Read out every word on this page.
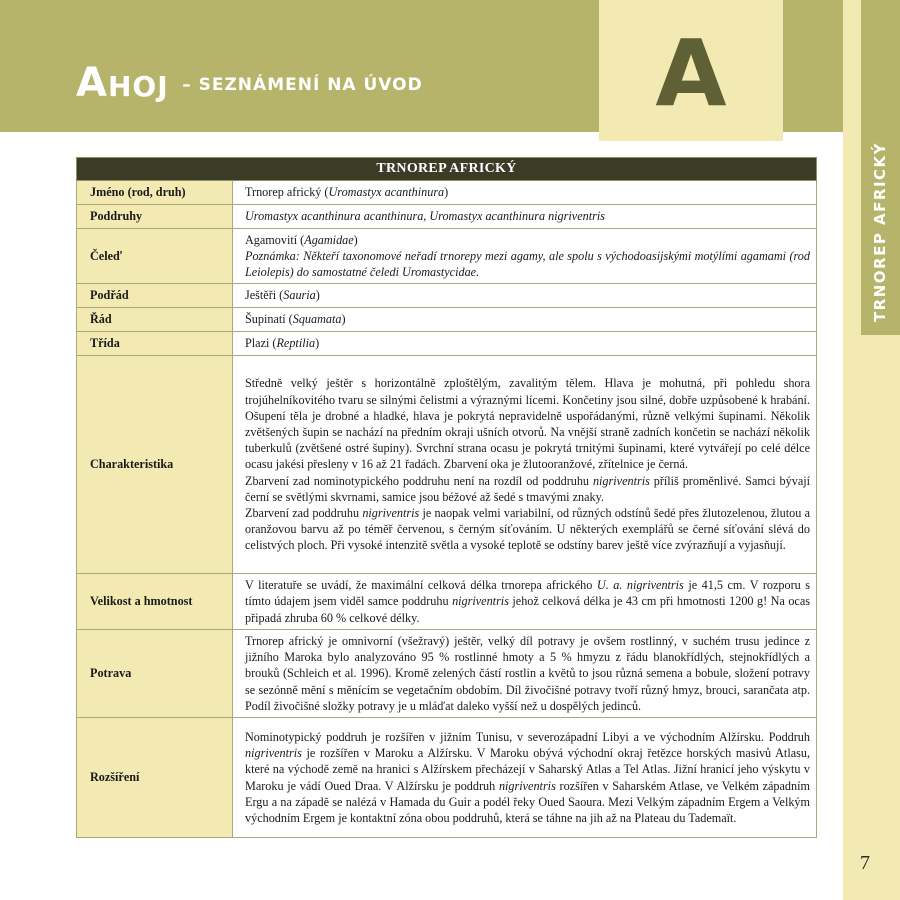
Ahoj – SEZNÁMENÍ NA ÚVOD	A
TRNOREP AFRICKÝ
7
TRNOREP AFRICKÝ	
Jméno (rod, druh)	Trnorep africký (Uromastyx acanthinura)
Poddruhy	Uromastyx acanthinura acanthinura, Uromastyx acanthinura nigriventris
Čeleď	Agamovití (Agamidae)

Poznámka: Někteří taxonomové neřadí trnorepy mezi agamy, ale spolu s východoasijskými motýlími agamami (rod Leiolepis) do samostatné čeledi Uromastycidae.

Podřád	Ještěři (Sauria)
Řád	Šupinatí (Squamata)
Třída	Plazi (Reptilia)
Charakteristika	Středně velký ještěr s horizontálně zploštělým, zavalitým tělem. Hlava je mohutná, při pohledu shora trojúhelníkovitého tvaru se silnými čelistmi a výraznými lícemi. Končetiny jsou silné, dobře uzpůsobené k hrabání. Ošupení těla je drobné a hladké, hlava je pokrytá nepravidelně uspořádanými, různě velkými šupinami. Několik zvětšených šupin se nachází na předním okraji ušních otvorů. Na vnější straně zadních končetin se nachází několik tuberkulů (zvětšené ostré šupiny). Svrchní strana ocasu je pokrytá trnitými šupinami, které vytvářejí po celé délce ocasu jakési přesleny v 16 až 21 řadách. Zbarvení oka je žlutooranžové, zřítelnice je černá.

Zbarvení zad nominotypického poddruhu není na rozdíl od poddruhu nigriventris příliš proměnlivé. Samci bývají černí se světlými skvrnami, samice jsou béžové až šedé s tmavými znaky.

Zbarvení zad poddruhu nigriventris je naopak velmi variabilní, od různých odstínů šedé přes žlutozelenou, žlutou a oranžovou barvu až po téměř červenou, s černým síťováním. U některých exemplářů se černé síťování slévá do celistvých ploch. Při vysoké intenzitě světla a vysoké teplotě se odstíny barev ještě více zvýrazňují a vyjasňují.

Velikost a hmotnost	V literatuře se uvádí, že maximální celková délka trnorepa afrického U. a. nigriventris je 41,5 cm. V rozporu s tímto údajem jsem viděl samce poddruhu nigriventris jehož celková délka je 43 cm při hmotnosti 1200 g! Na ocas připadá zhruba 60 % celkové délky.
Potrava	Trnorep africký je omnivorní (všežravý) ještěr, velký díl potravy je ovšem rostlinný, v suchém trusu jedince z jižního Maroka bylo analyzováno 95 % rostlinné hmoty a 5 % hmyzu z řádu blanokřídlých, stejnokřídlých a brouků (Schleich et al. 1996). Kromě zelených částí rostlin a květů to jsou různá semena a bobule, složení potravy se sezónně mění s měnícím se vegetačním obdobím. Díl živočišné potravy tvoří různý hmyz, brouci, sarančata atp. Podíl živočišné složky potravy je u mláďat daleko vyšší než u dospělých jedinců.
Rozšíření	Nominotypický poddruh je rozšířen v jižním Tunisu, v severozápadní Libyi a ve východním Alžírsku. Poddruh nigriventris je rozšířen v Maroku a Alžírsku. V Maroku obývá východní okraj řetězce horských masivů Atlasu, které na východě země na hranici s Alžírskem přecházejí v Saharský Atlas a Tel Atlas. Jižní hranicí jeho výskytu v Maroku je vádí Oued Draa. V Alžírsku je poddruh nigriventris rozšířen v Saharském Atlase, ve Velkém západním Ergu a na západě se nalézá v Hamada du Guir a podél řeky Oued Saoura. Mezi Velkým západním Ergem a Velkým východním Ergem je kontaktní zóna obou poddruhů, která se táhne na jih až na Plateau du Tademaït.
